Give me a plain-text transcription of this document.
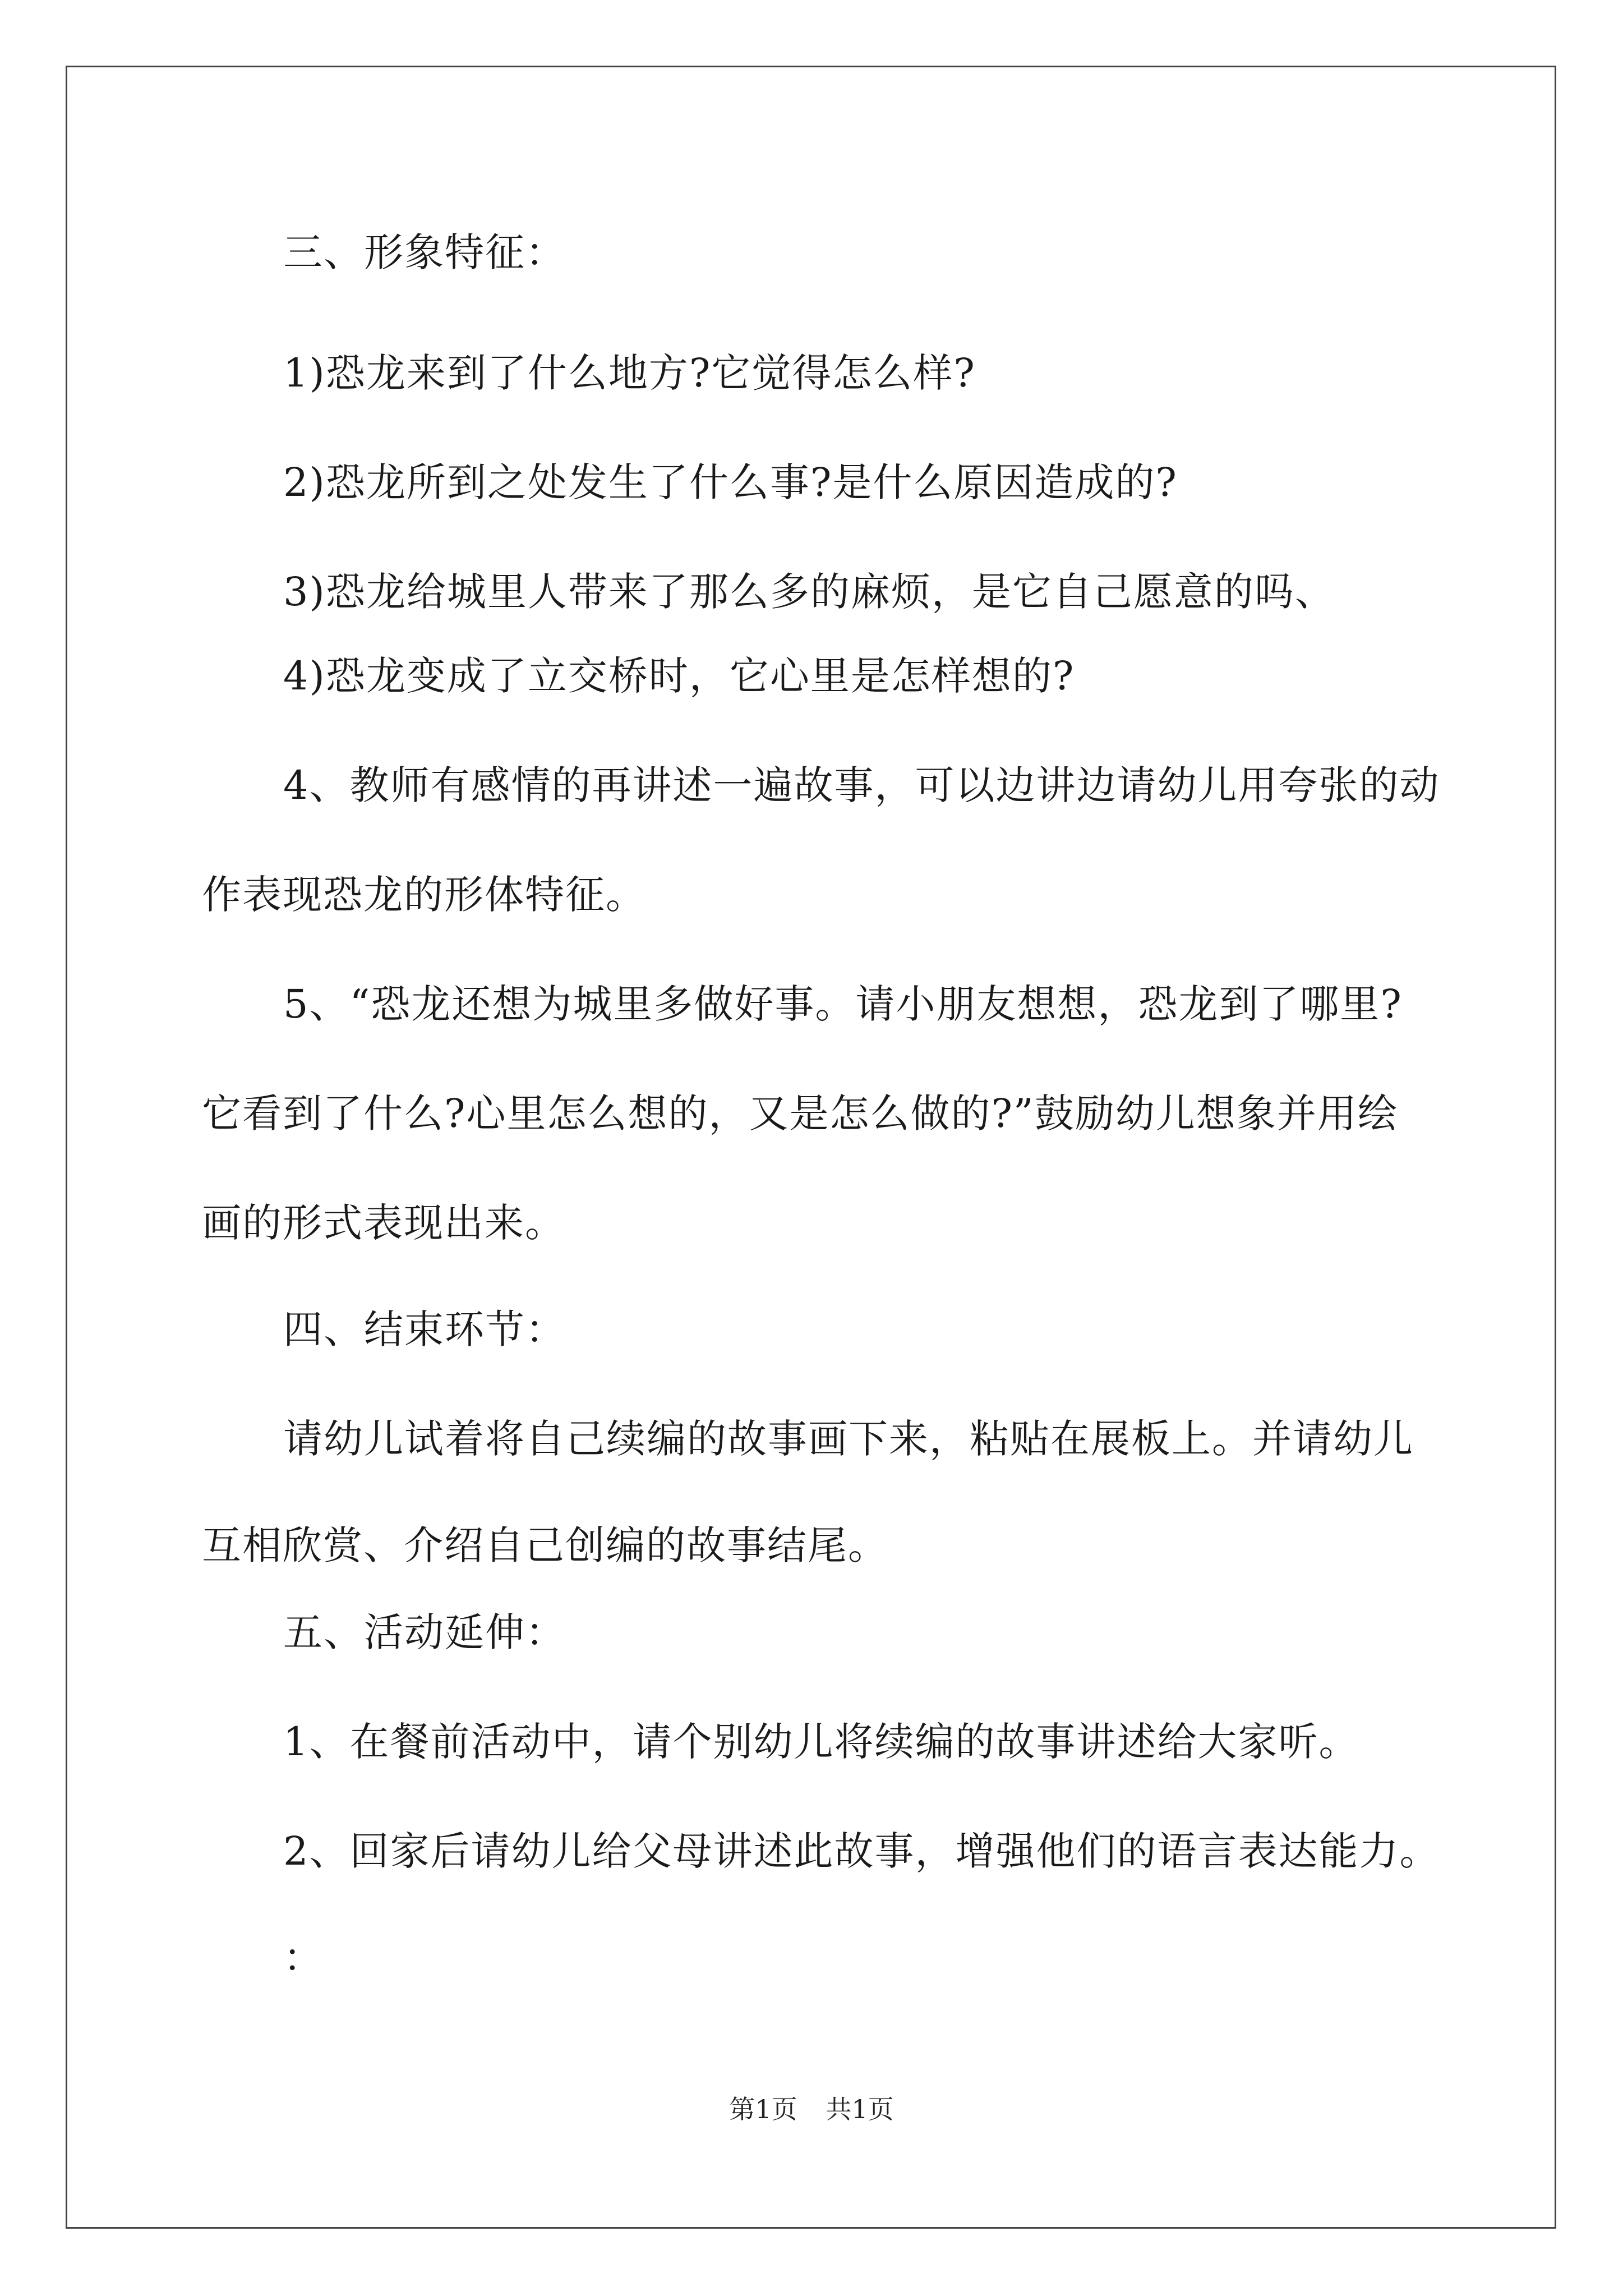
三、形象特征：
1)恐龙来到了什么地方?它觉得怎么样?
2)恐龙所到之处发生了什么事?是什么原因造成的?
3)恐龙给城里人带来了那么多的麻烦，是它自己愿意的吗、
4)恐龙变成了立交桥时，它心里是怎样想的?
4、教师有感情的再讲述一遍故事，可以边讲边请幼儿用夸张的动
作表现恐龙的形体特征。
5、“恐龙还想为城里多做好事。请小朋友想想，恐龙到了哪里?
它看到了什么?心里怎么想的，又是怎么做的?”鼓励幼儿想象并用绘
画的形式表现出来。
四、结束环节：
请幼儿试着将自己续编的故事画下来，粘贴在展板上。并请幼儿
互相欣赏、介绍自己创编的故事结尾。
五、活动延伸：
1、在餐前活动中，请个别幼儿将续编的故事讲述给大家听。
2、回家后请幼儿给父母讲述此故事，增强他们的语言表达能力。
：
第1页 共1页
